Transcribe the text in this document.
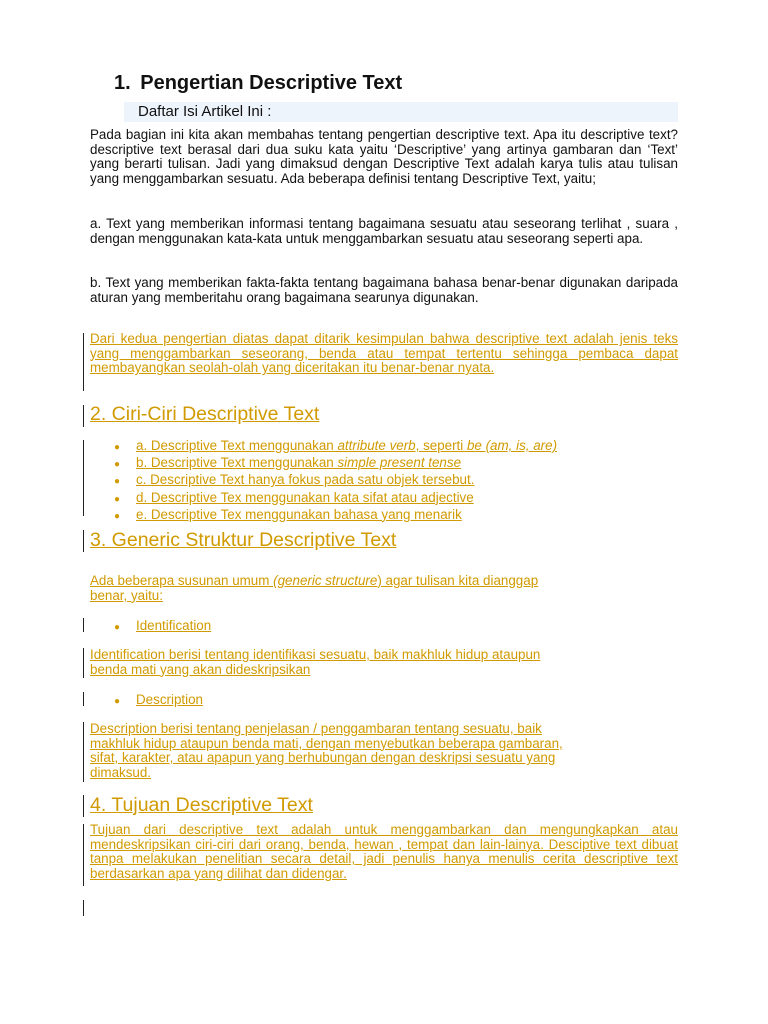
1. Pengertian Descriptive Text
Daftar Isi Artikel Ini :
Pada bagian ini kita akan membahas tentang pengertian descriptive text. Apa itu descriptive text? descriptive text berasal dari dua suku kata yaitu ‘Descriptive’ yang artinya gambaran dan ‘Text’ yang berarti tulisan. Jadi yang dimaksud dengan Descriptive Text adalah karya tulis atau tulisan yang menggambarkan sesuatu. Ada beberapa definisi tentang Descriptive Text, yaitu;
a. Text yang memberikan informasi tentang bagaimana sesuatu atau seseorang terlihat , suara , dengan menggunakan kata-kata untuk menggambarkan sesuatu atau seseorang seperti apa.
b. Text yang memberikan fakta-fakta tentang bagaimana bahasa benar-benar digunakan daripada aturan yang memberitahu orang bagaimana searunya digunakan.
Dari kedua pengertian diatas dapat ditarik kesimpulan bahwa descriptive text adalah jenis teks yang menggambarkan seseorang, benda atau tempat tertentu sehingga pembaca dapat membayangkan seolah-olah yang diceritakan itu benar-benar nyata.
2. Ciri-Ciri Descriptive Text
● a. Descriptive Text menggunakan attribute verb, seperti be (am, is, are)
● b. Descriptive Text menggunakan simple present tense
● c. Descriptive Text hanya fokus pada satu objek tersebut.
● d. Descriptive Tex menggunakan kata sifat atau adjective
● e. Descriptive Tex menggunakan bahasa yang menarik
3. Generic Struktur Descriptive Text
Ada beberapa susunan umum (generic structure) agar tulisan kita dianggap
benar, yaitu:
● Identification
Identification berisi tentang identifikasi sesuatu, baik makhluk hidup ataupun
benda mati yang akan dideskripsikan
● Description
Description berisi tentang penjelasan / penggambaran tentang sesuatu, baik
makhluk hidup ataupun benda mati, dengan menyebutkan beberapa gambaran,
sifat, karakter, atau apapun yang berhubungan dengan deskripsi sesuatu yang
dimaksud.
4. Tujuan Descriptive Text
Tujuan dari descriptive text adalah untuk menggambarkan dan mengungkapkan atau mendeskripsikan ciri-ciri dari orang, benda, hewan , tempat dan lain-lainya. Desciptive text dibuat tanpa melakukan penelitian secara detail, jadi penulis hanya menulis cerita descriptive text berdasarkan apa yang dilihat dan didengar.
